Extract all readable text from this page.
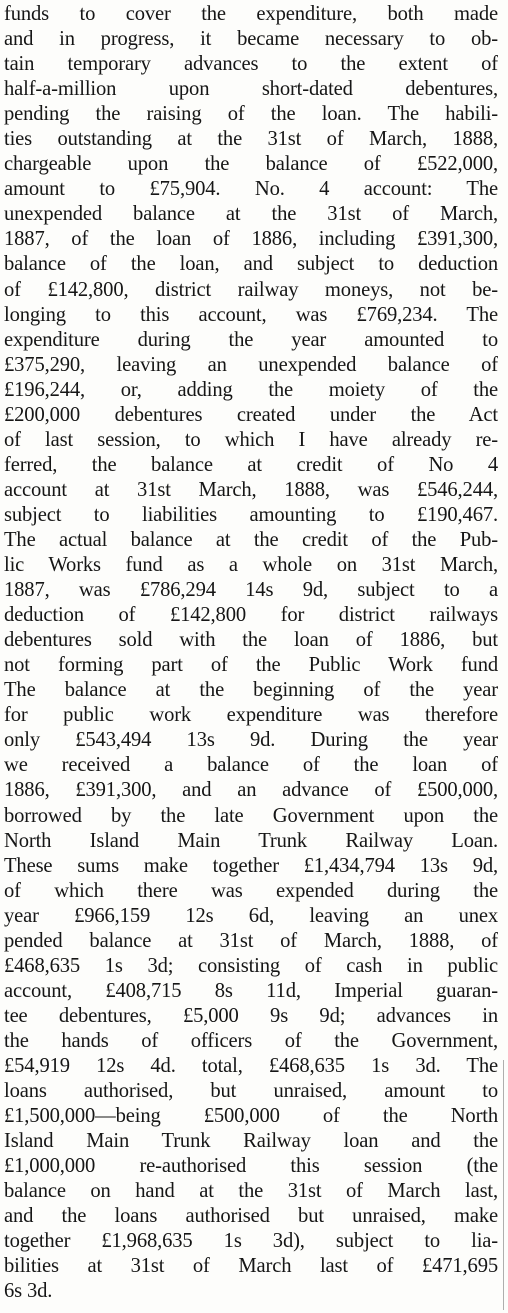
funds to cover the expenditure, both made
and in progress, it became necessary to ob-
tain temporary advances to the extent of
half-a-million upon short-dated debentures,
pending the raising of the loan. The habili-
ties outstanding at the 31st of March, 1888,
chargeable upon the balance of £522,000,
amount to £75,904. No. 4 account: The
unexpended balance at the 31st of March,
1887, of the loan of 1886, including £391,300,
balance of the loan, and subject to deduction
of £142,800, district railway moneys, not be-
longing to this account, was £769,234. The
expenditure during the year amounted to
£375,290, leaving an unexpended balance of
£196,244, or, adding the moiety of the
£200,000 debentures created under the Act
of last session, to which I have already re-
ferred, the balance at credit of No 4
account at 31st March, 1888, was £546,244,
subject to liabilities amounting to £190,467.
The actual balance at the credit of the Pub-
lic Works fund as a whole on 31st March,
1887, was £786,294 14s 9d, subject to a
deduction of £142,800 for district railways
debentures sold with the loan of 1886, but
not forming part of the Public Work fund
The balance at the beginning of the year
for public work expenditure was therefore
only £543,494 13s 9d. During the year
we received a balance of the loan of
1886, £391,300, and an advance of £500,000,
borrowed by the late Government upon the
North Island Main Trunk Railway Loan.
These sums make together £1,434,794 13s 9d,
of which there was expended during the
year £966,159 12s 6d, leaving an unex
pended balance at 31st of March, 1888, of
£468,635 1s 3d; consisting of cash in public
account, £408,715 8s 11d, Imperial guaran-
tee debentures, £5,000 9s 9d; advances in
the hands of officers of the Government,
£54,919 12s 4d. total, £468,635 1s 3d. The
loans authorised, but unraised, amount to
£1,500,000—being £500,000 of the North
Island Main Trunk Railway loan and the
£1,000,000 re-authorised this session (the
balance on hand at the 31st of March last,
and the loans authorised but unraised, make
together £1,968,635 1s 3d), subject to lia-
bilities at 31st of March last of £471,695
6s 3d.
